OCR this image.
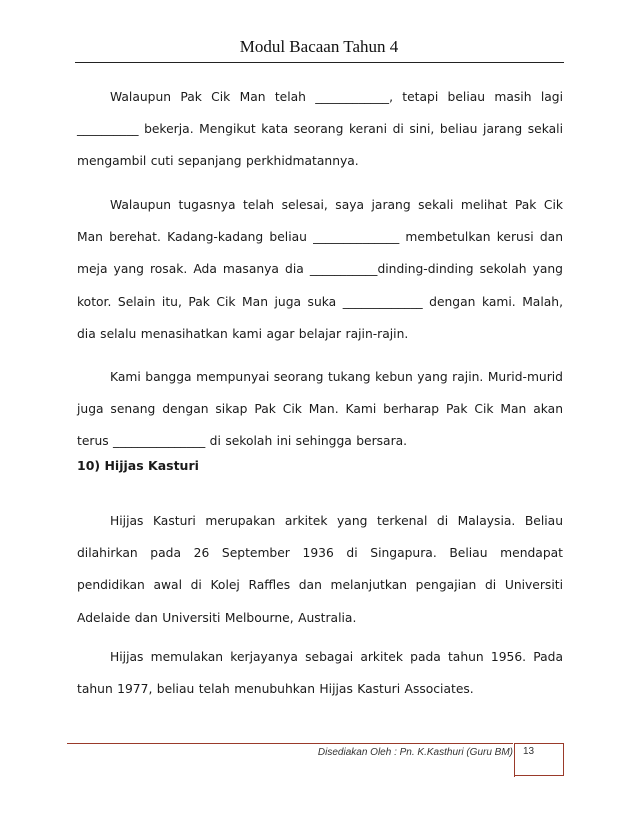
Modul Bacaan Tahun 4
Walaupun Pak Cik Man telah ____________, tetapi beliau masih lagi __________ bekerja. Mengikut kata seorang kerani di sini, beliau jarang sekali mengambil cuti sepanjang perkhidmatannya.
Walaupun tugasnya telah selesai, saya jarang sekali melihat Pak Cik Man berehat. Kadang-kadang beliau ______________ membetulkan kerusi dan meja yang rosak. Ada masanya dia ___________dinding-dinding sekolah yang kotor. Selain itu, Pak Cik Man juga suka _____________ dengan kami. Malah, dia selalu menasihatkan kami agar belajar rajin-rajin.
Kami bangga mempunyai seorang tukang kebun yang rajin. Murid-murid juga senang dengan sikap Pak Cik Man. Kami berharap Pak Cik Man akan terus _______________ di sekolah ini sehingga bersara.
10) Hijjas Kasturi
Hijjas Kasturi merupakan arkitek yang terkenal di Malaysia. Beliau dilahirkan pada 26 September 1936 di Singapura. Beliau mendapat pendidikan awal di Kolej Raffles dan melanjutkan pengajian di Universiti Adelaide dan Universiti Melbourne, Australia.
Hijjas memulakan kerjayanya sebagai arkitek pada tahun 1956. Pada tahun 1977, beliau telah menubuhkan Hijjas Kasturi Associates.
Disediakan Oleh : Pn. K.Kasthuri (Guru BM) 13
